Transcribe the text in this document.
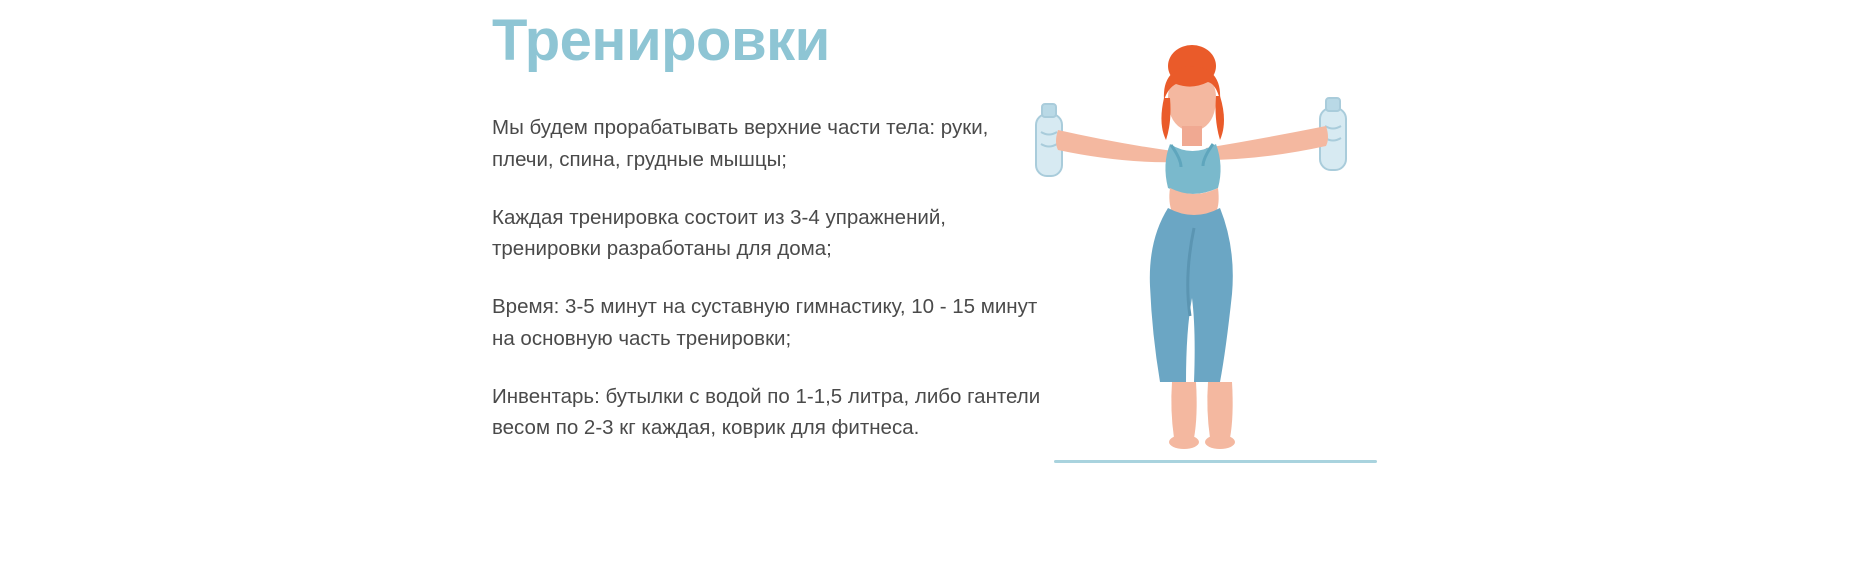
Тренировки

Мы будем прорабатывать верхние части тела: руки, плечи, спина, грудные мышцы;

Каждая тренировка состоит из 3-4 упражнений, тренировки разработаны для дома;

Время: 3-5 минут на суставную гимнастику, 10 - 15 минут на основную часть тренировки;

Инвентарь: бутылки с водой по 1-1,5 литра, либо гантели весом по 2-3 кг каждая, коврик для фитнеса.
